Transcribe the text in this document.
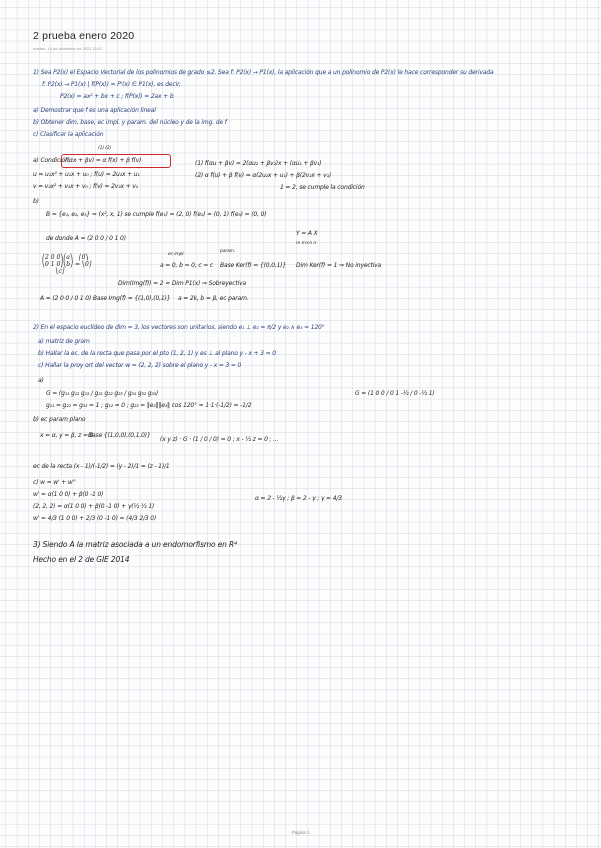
2 prueba enero 2020
martes, 14 de diciembre de 2021 21:47
1) Sea P2(x) el Espacio Vectorial de los polinomios de grado ≤2. Sea f: P2(x) → P1(x), la aplicación que a un polinomio de P2(x) le hace corresponder su derivada
f: P2(x) → P1(x) | f(P(x)) = P'(x) ∈ P1(x), es decir,
P2(x) = ax² + bx + c ; f(P(x)) = 2ax + b
a) Demostrar que f es una aplicación lineal
b) Obtener dim, base, ec impl. y param. del núcleo y de la img. de f
c) Clasificar la aplicación
(1) (2)
a) Condición:
f(αx + βv) = α f(x) + β f(v)
u = u₂x² + u₁x + u₀ ; f(u) = 2u₂x + u₁
v = v₂x² + v₁x + v₀ ; f(v) = 2v₂x + v₁
(1) f(αu + βv) = 2(αu₂ + βv₂)x + (αu₁ + βv₁)
(2) α f(u) + β f(v) = α(2u₂x + u₁) + β(2v₂x + v₁)
1 = 2, se cumple la condición
b)
B = {e₁, e₂, e₃} = (x², x, 1) se cumple f(e₁) = (2, 0) f(e₂) = (0, 1) f(e₃) = (0, 0)
de donde A = (2 0 0 / 0 1 0)
Y = A X
m m×n n
⎛2 0 0⎞⎛a⎞   ⎛0⎞
⎝0 1 0⎠⎝b⎠ = ⎝0⎠
⎝c⎠
ec impl.
a = 0, b = 0, c = c
param.
Base Ker(f) = {(0,0,1)} Dim Ker(f) = 1 ⇒ No inyectiva
Dim(Img(f)) = 2 = Dim P1(x) ⇒ Sobreyectiva
A = (2 0 0 / 0 1 0) Base Img(f) = {(1,0),(0,1)} a = 2k, b = β, ec param.
2) En el espacio euclídeo de dim = 3, los vectores son unitarios, siendo e₁ ⊥ e₂ = π/2 y e₂ ∧ e₃ = 120°
a) matriz de gram
b) Hallar la ec. de la recta que pasa por el pto (1, 2, 1) y es ⊥ al plano y - x + 3 = 0
c) Hallar la proy ort del vector w = (2, 2, 2) sobre el plano y - x = 3 = 0
a)
G = (g₁₁ g₁₂ g₁₃ / g₂₁ g₂₂ g₂₃ / g₃₁ g₃₂ g₃₃)
g₁₁ = g₂₂ = g₃₃ = 1 ; g₁₂ = 0 ; g₂₃ = ‖e₂‖‖e₃‖ cos 120° = 1·1·(-1/2) = -1/2
G = (1 0 0 / 0 1 -½ / 0 -½ 1)
b) ec param plano
x = α, y = β, z = 0
Base {(1,0,0),(0,1,0)}
(x y z) · G · (1 / 0 / 0) = 0 ; x - ½ z = 0 ; ...
ec de la recta (x - 1)/(-1/2) = (y - 2)/1 = (z - 1)/1
c) w = w' + w''
w' = α(1 0 0) + β(0 -1 0)
(2, 2, 2) = α(1 0 0) + β(0 -1 0) + γ(½ ½ 1)
α = 2 - ½γ ; β = 2 - γ ; γ = 4/3
w' = 4/3 (1 0 0) + 2/3 (0 -1 0) = (4/3 2/3 0)
3) Siendo A la matriz asociada a un endomorfismo en R⁴
Hecho en el 2 de GIE 2014
Página 1
